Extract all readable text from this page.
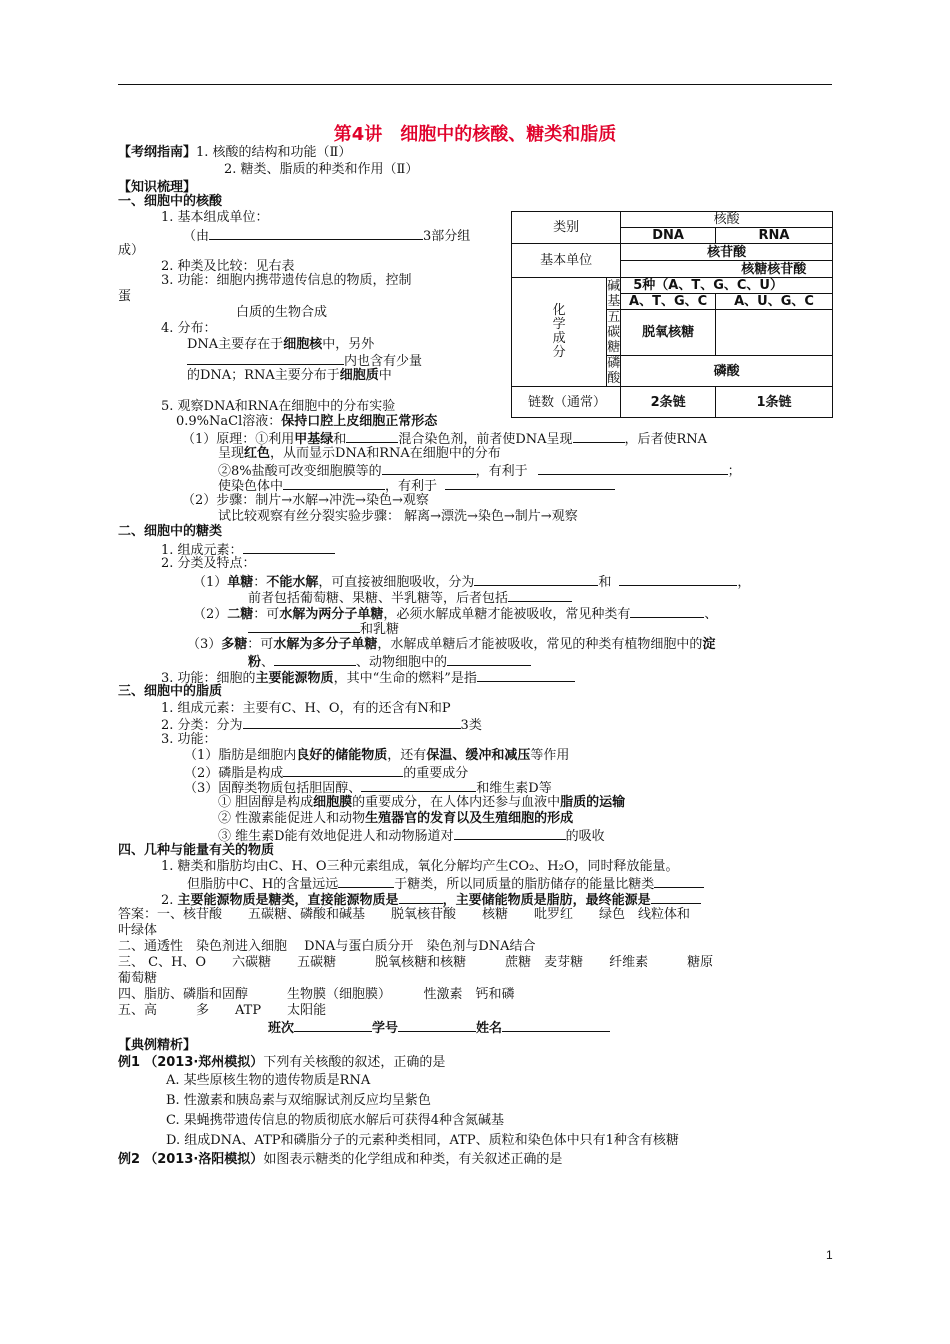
第4讲　细胞中的核酸、糖类和脂质
【考纲指南】1. 核酸的结构和功能（Ⅱ）
2. 糖类、脂质的种类和作用（Ⅱ）
【知识梳理】
一、细胞中的核酸
1. 基本组成单位：
（由	3部分组
成）
2. 种类及比较：见右表
3. 功能：细胞内携带遗传信息的物质，控制
蛋
白质的生物合成
4. 分布：
DNA主要存在于细胞核中，另外
内也含有少量
的DNA；RNA主要分布于细胞质中
5. 观察DNA和RNA在细胞中的分布实验
0.9%NaCl溶液：保持口腔上皮细胞正常形态
（1）原理：①利用甲基绿和	混合染色剂，前者使DNA呈现	，后者使RNA
呈现红色，从而显示DNA和RNA在细胞中的分布
②8%盐酸可改变细胞膜等的	，有利于	；
使染色体中	，有利于
（2）步骤：制片→水解→冲洗→染色→观察
试比较观察有丝分裂实验步骤： 解离→漂洗→染色→制片→观察
类别		核酸	
		DNA	RNA
基本单位		核苷酸	
			核糖核苷酸
化
学
成
分	碱基	5种（A、T、G、C、U）	
		A、T、G、C	A、U、G、C
	五碳糖	脱氧核糖	
	磷酸	磷酸	
链数（通常）		2条链	1条链
二、细胞中的糖类
1. 组成元素：
2. 分类及特点：
（1）单糖：不能水解，可直接被细胞吸收，分为	和	，
前者包括葡萄糖、果糖、半乳糖等，后者包括
（2）二糖：可水解为两分子单糖，必须水解成单糖才能被吸收，常见种类有	、
和乳糖
（3）多糖：可水解为多分子单糖，水解成单糖后才能被吸收，常见的种类有植物细胞中的淀
粉、	、动物细胞中的
3. 功能：细胞的主要能源物质，其中“生命的燃料”是指
三、细胞中的脂质
1. 组成元素：主要有C、H、O，有的还含有N和P
2. 分类：分为	3类
3. 功能：
（1）脂肪是细胞内良好的储能物质，还有保温、缓冲和减压等作用
（2）磷脂是构成	的重要成分
（3）固醇类物质包括胆固醇、	和维生素D等
① 胆固醇是构成细胞膜的重要成分，在人体内还参与血液中脂质的运输
② 性激素能促进人和动物生殖器官的发育以及生殖细胞的形成
③ 维生素D能有效地促进人和动物肠道对	的吸收
四、几种与能量有关的物质
1. 糖类和脂肪均由C、H、O三种元素组成，氧化分解均产生CO₂、H₂O，同时释放能量。
但脂肪中C、H的含量远远	于糖类，所以同质量的脂肪储存的能量比糖类
2. 主要能源物质是糖类，直接能源物质是	，主要储能物质是脂肪，最终能源是
答案：一、核苷酸　　五碳糖、磷酸和碱基　　脱氧核苷酸　　核糖　　吡罗红　　绿色　线粒体和
叶绿体
二、通透性　染色剂进入细胞　 DNA与蛋白质分开　染色剂与DNA结合
三、 C、H、O　　六碳糖　　五碳糖　　　脱氧核糖和核糖　　　蔗糖　麦芽糖　　纤维素　　　糖原
葡萄糖
四、脂肪、磷脂和固醇　　　生物膜（细胞膜）　　　性激素　钙和磷
五、高　　　多　　ATP　　太阳能
班次	学号	姓名
【典例精析】
例1 （2013·郑州模拟）下列有关核酸的叙述，正确的是
A. 某些原核生物的遗传物质是RNA
B. 性激素和胰岛素与双缩脲试剂反应均呈紫色
C. 果蝇携带遗传信息的物质彻底水解后可获得4种含氮碱基
D. 组成DNA、ATP和磷脂分子的元素种类相同，ATP、质粒和染色体中只有1种含有核糖
例2 （2013·洛阳模拟）如图表示糖类的化学组成和种类，有关叙述正确的是
1
